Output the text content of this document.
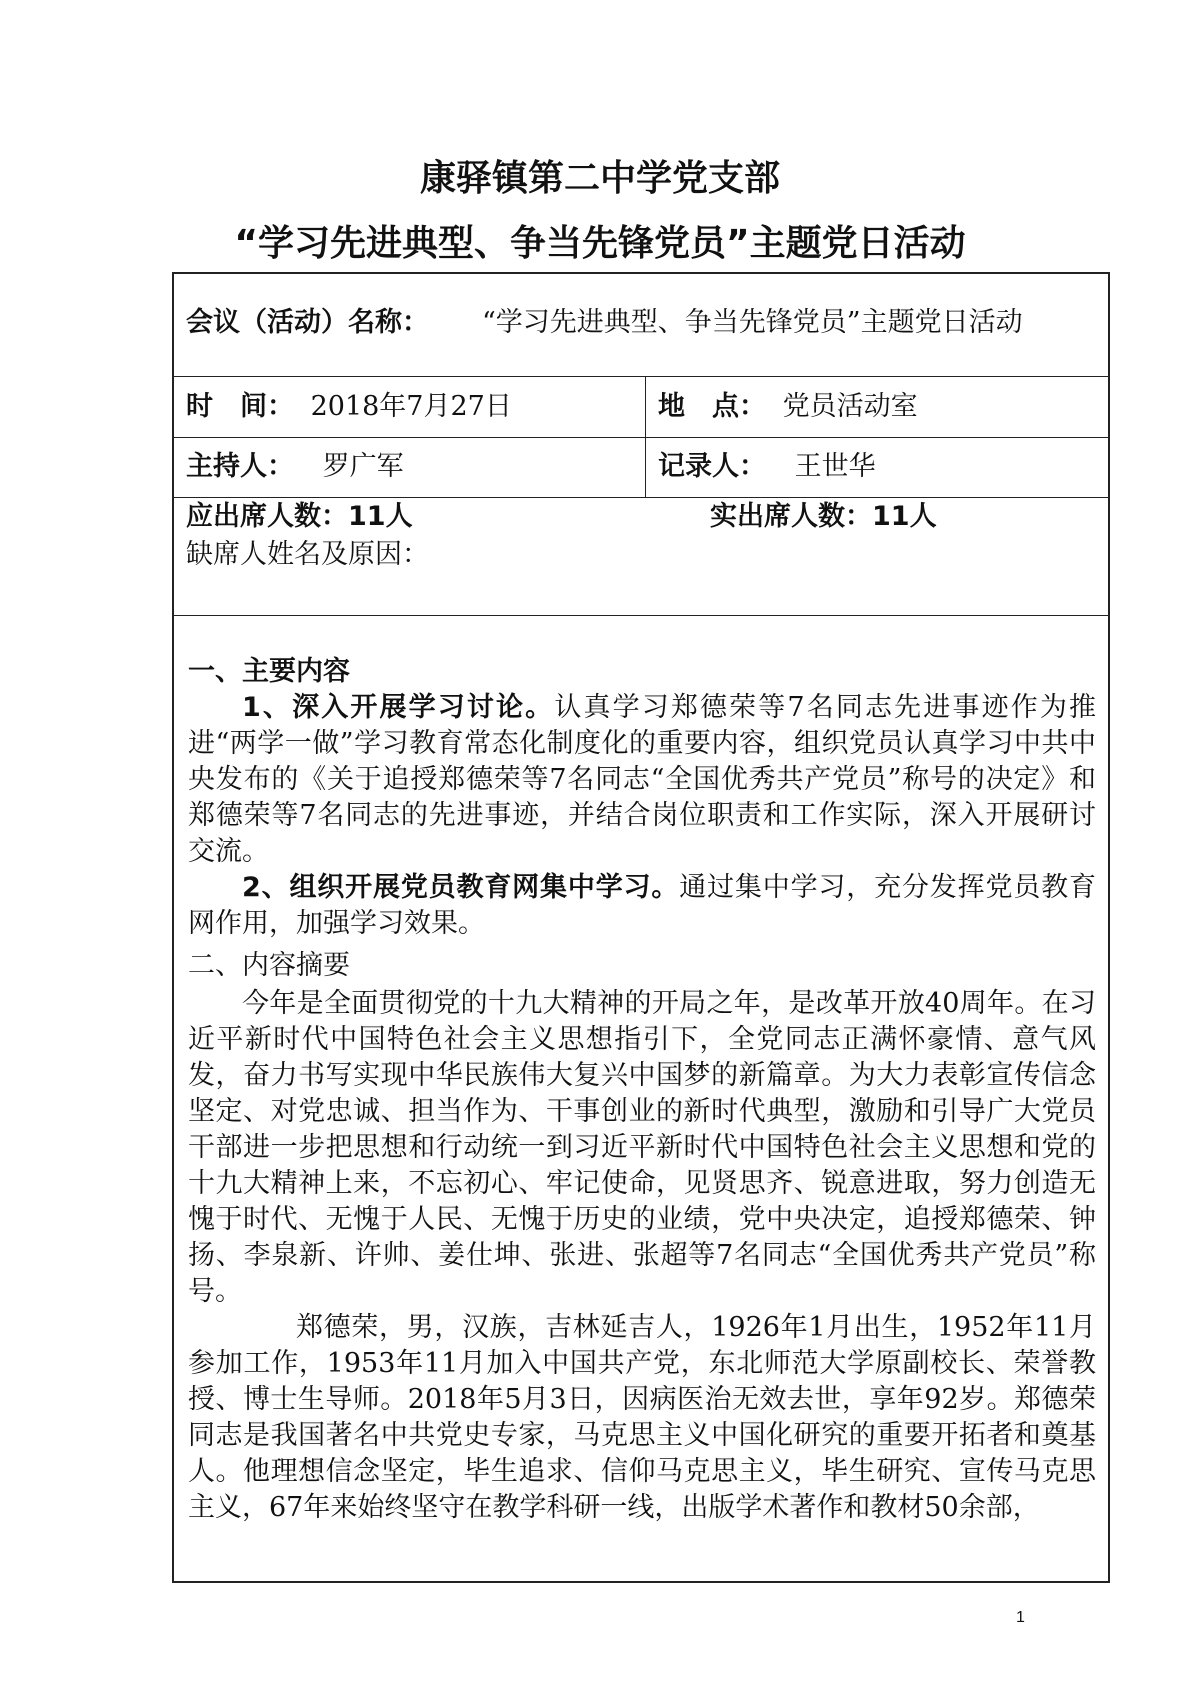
康驿镇第二中学党支部
“学习先进典型、争当先锋党员”主题党日活动
会议（活动）名称： “学习先进典型、争当先锋党员”主题党日活动
时　间： 2018年7月27日	地　点： 党员活动室
主持人： 罗广军	记录人： 王世华
应出席人数：11人	实出席人数：11人
缺席人姓名及原因：

一、主要内容

1、深入开展学习讨论。认真学习郑德荣等7名同志先进事迹作为推进“两学一做”学习教育常态化制度化的重要内容，组织党员认真学习中共中央发布的《关于追授郑德荣等7名同志“全国优秀共产党员”称号的决定》和郑德荣等7名同志的先进事迹，并结合岗位职责和工作实际，深入开展研讨交流。

2、组织开展党员教育网集中学习。通过集中学习，充分发挥党员教育网作用，加强学习效果。

二、内容摘要

今年是全面贯彻党的十九大精神的开局之年，是改革开放40周年。在习近平新时代中国特色社会主义思想指引下，全党同志正满怀豪情、意气风发，奋力书写实现中华民族伟大复兴中国梦的新篇章。为大力表彰宣传信念坚定、对党忠诚、担当作为、干事创业的新时代典型，激励和引导广大党员干部进一步把思想和行动统一到习近平新时代中国特色社会主义思想和党的十九大精神上来，不忘初心、牢记使命，见贤思齐、锐意进取，努力创造无愧于时代、无愧于人民、无愧于历史的业绩，党中央决定，追授郑德荣、钟扬、李泉新、许帅、姜仕坤、张进、张超等7名同志“全国优秀共产党员”称号。

郑德荣，男，汉族，吉林延吉人，1926年1月出生，1952年11月参加工作，1953年11月加入中国共产党，东北师范大学原副校长、荣誉教授、博士生导师。2018年5月3日，因病医治无效去世，享年92岁。郑德荣同志是我国著名中共党史专家，马克思主义中国化研究的重要开拓者和奠基人。他理想信念坚定，毕生追求、信仰马克思主义，毕生研究、宣传马克思主义，67年来始终坚守在教学科研一线，出版学术著作和教材50余部，

1
